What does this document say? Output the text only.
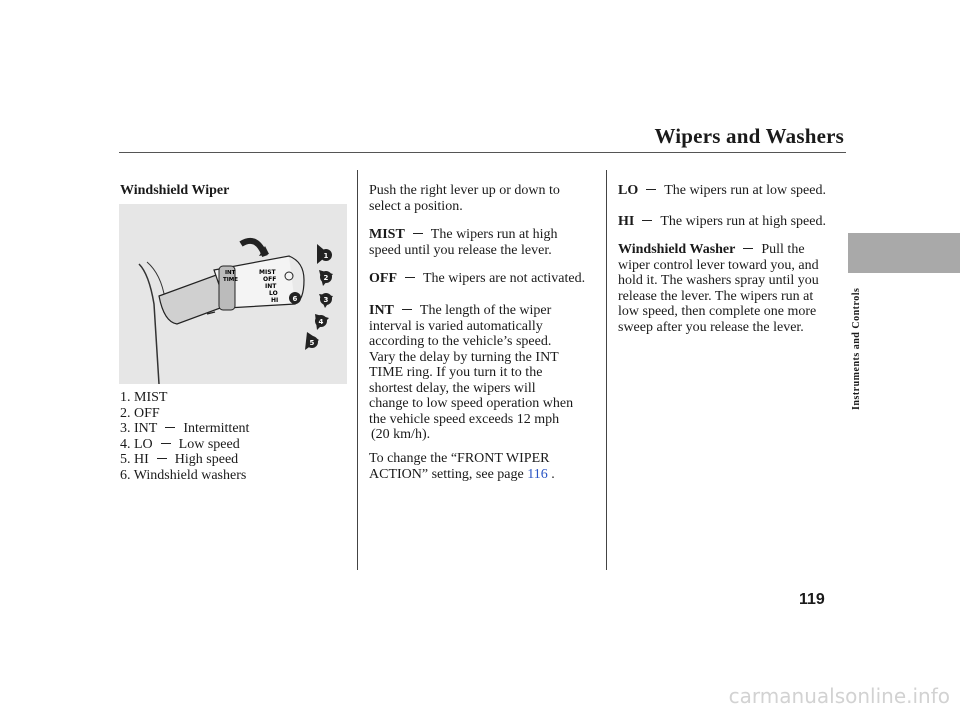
Wipers and Washers
Instruments and Controls
119
Windshield Wiper
INT
TIME
MIST
OFF
INT
LO
HI
1
2
3
4
5
6
1. MIST
2. OFF
3. INT Intermittent
4. LO Low speed
5. HI High speed
6. Windshield washers
Push the right lever up or down to
select a position.
MIST The wipers run at high
speed until you release the lever.
OFF The wipers are not activated.
INT The length of the wiper
interval is varied automatically
according to the vehicle’s speed.
Vary the delay by turning the INT
TIME ring. If you turn it to the
shortest delay, the wipers will
change to low speed operation when
the vehicle speed exceeds 12 mph
(20 km/h).
To change the “FRONT WIPER
ACTION” setting, see page 116 .
LO The wipers run at low speed.
HI The wipers run at high speed.
Windshield Washer Pull the
wiper control lever toward you, and
hold it. The washers spray until you
release the lever. The wipers run at
low speed, then complete one more
sweep after you release the lever.
carmanualsonline.info
